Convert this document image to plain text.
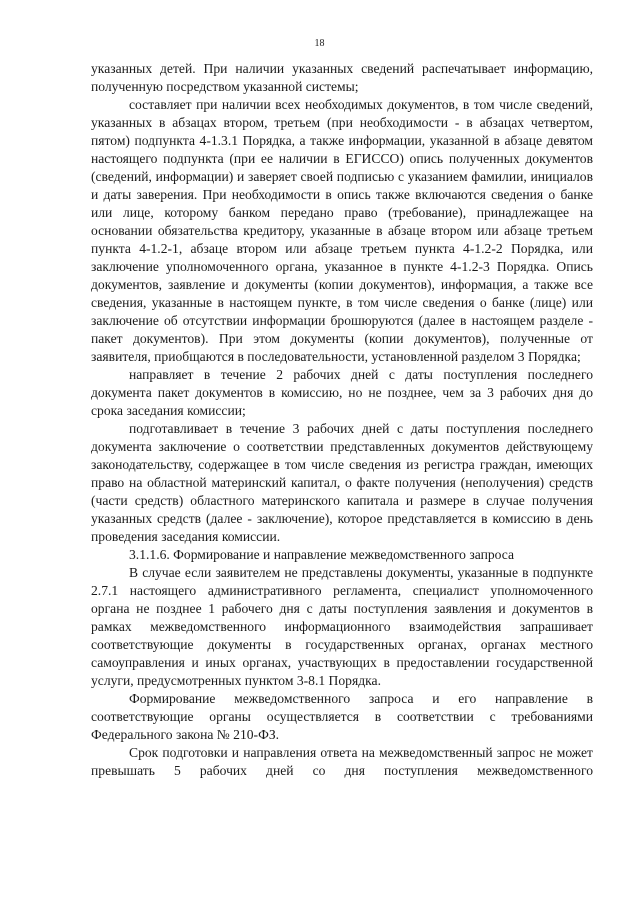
18

указанных детей. При наличии указанных сведений распечатывает информацию, полученную посредством указанной системы;

составляет при наличии всех необходимых документов, в том числе сведений, указанных в абзацах втором, третьем (при необходимости - в абзацах четвертом, пятом) подпункта 4-1.3.1 Порядка, а также информации, указанной в абзаце девятом настоящего подпункта (при ее наличии в ЕГИССО) опись полученных документов (сведений, информации) и заверяет своей подписью с указанием фамилии, инициалов и даты заверения. При необходимости в опись также включаются сведения о банке или лице, которому банком передано право (требование), принадлежащее на основании обязательства кредитору, указанные в абзаце втором или абзаце третьем пункта 4-1.2-1, абзаце втором или абзаце третьем пункта 4-1.2-2 Порядка, или заключение уполномоченного органа, указанное в пункте 4-1.2-3 Порядка. Опись документов, заявление и документы (копии документов), информация, а также все сведения, указанные в настоящем пункте, в том числе сведения о банке (лице) или заключение об отсутствии информации брошюруются (далее в настоящем разделе - пакет документов). При этом документы (копии документов), полученные от заявителя, приобщаются в последовательности, установленной разделом 3 Порядка;

направляет в течение 2 рабочих дней с даты поступления последнего документа пакет документов в комиссию, но не позднее, чем за 3 рабочих дня до срока заседания комиссии;

подготавливает в течение 3 рабочих дней с даты поступления последнего документа заключение о соответствии представленных документов действующему законодательству, содержащее в том числе сведения из регистра граждан, имеющих право на областной материнский капитал, о факте получения (неполучения) средств (части средств) областного материнского капитала и размере в случае получения указанных средств (далее - заключение), которое представляется в комиссию в день проведения заседания комиссии.

3.1.1.6. Формирование и направление межведомственного запроса

В случае если заявителем не представлены документы, указанные в подпункте 2.7.1 настоящего административного регламента, специалист уполномоченного органа не позднее 1 рабочего дня с даты поступления заявления и документов в рамках межведомственного информационного взаимодействия запрашивает соответствующие документы в государственных органах, органах местного самоуправления и иных органах, участвующих в предоставлении государственной услуги, предусмотренных пунктом 3-8.1 Порядка.

Формирование межведомственного запроса и его направление в соответствующие органы осуществляется в соответствии с требованиями Федерального закона № 210-ФЗ.

Срок подготовки и направления ответа на межведомственный запрос не может превышать 5 рабочих дней со дня поступления межведомственного
